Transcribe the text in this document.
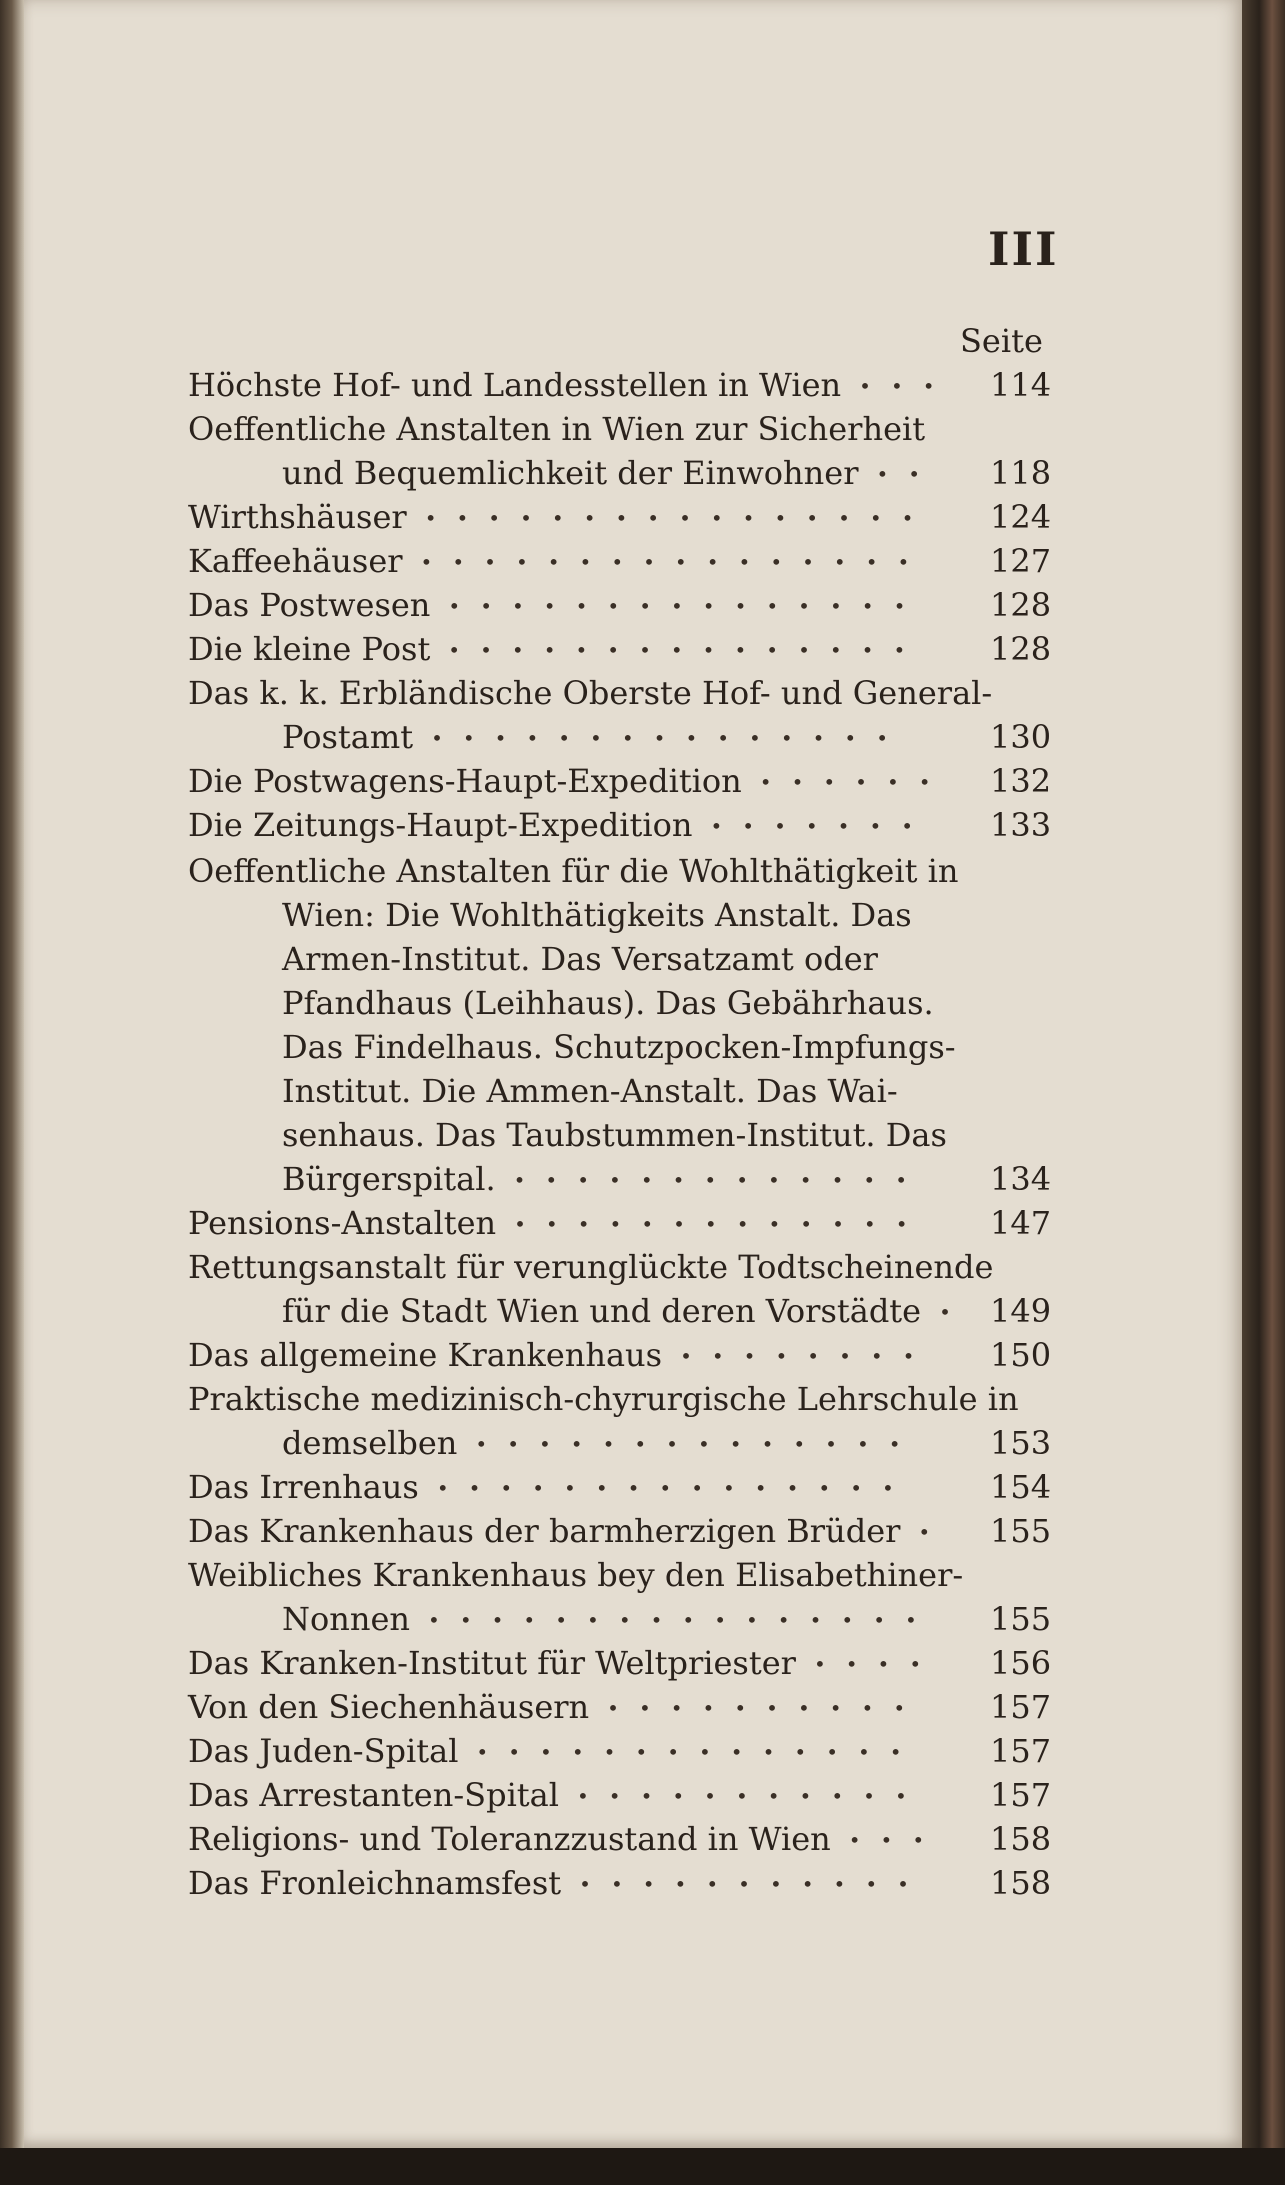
III
Seite
Höchste Hof- und Landesstellen in Wien	114
•••
Oeffentliche Anstalten in Wien zur Sicherheit
und Bequemlichkeit der Einwohner	118
••
Wirthshäuser	124
••••••••••••••••
Kaffeehäuser	127
••••••••••••••••
Das Postwesen	128
•••••••••••••••
Die kleine Post	128
•••••••••••••••
Das k. k. Erbländische Oberste Hof- und General-
Postamt	130
•••••••••••••••
Die Postwagens-Haupt-Expedition	132
••••••
Die Zeitungs-Haupt-Expedition	133
•••••••
Oeffentliche Anstalten für die Wohlthätigkeit in
Wien: Die Wohlthätigkeits Anstalt. Das
Armen-Institut. Das Versatzamt oder
Pfandhaus (Leihhaus). Das Gebährhaus.
Das Findelhaus. Schutzpocken-Impfungs-
Institut. Die Ammen-Anstalt. Das Wai-
senhaus. Das Taubstummen-Institut. Das
Bürgerspital.	134
•••••••••••••
Pensions-Anstalten	147
•••••••••••••
Rettungsanstalt für verunglückte Todtscheinende
für die Stadt Wien und deren Vorstädte 149
•
Das allgemeine Krankenhaus	150
••••••••
Praktische medizinisch-chyrurgische Lehrschule in
demselben	153
••••••••••••••
Das Irrenhaus	154
•••••••••••••••
Das Krankenhaus der barmherzigen Brüder	155
•
Weibliches Krankenhaus bey den Elisabethiner-
Nonnen	155
••••••••••••••••
Das Kranken-Institut für Weltpriester	156
••••
Von den Siechenhäusern	157
••••••••••
Das Juden-Spital	157
••••••••••••••
Das Arrestanten-Spital	157
•••••••••••
Religions- und Toleranzzustand in Wien	158
•••
Das Fronleichnamsfest	158
•••••••••••
